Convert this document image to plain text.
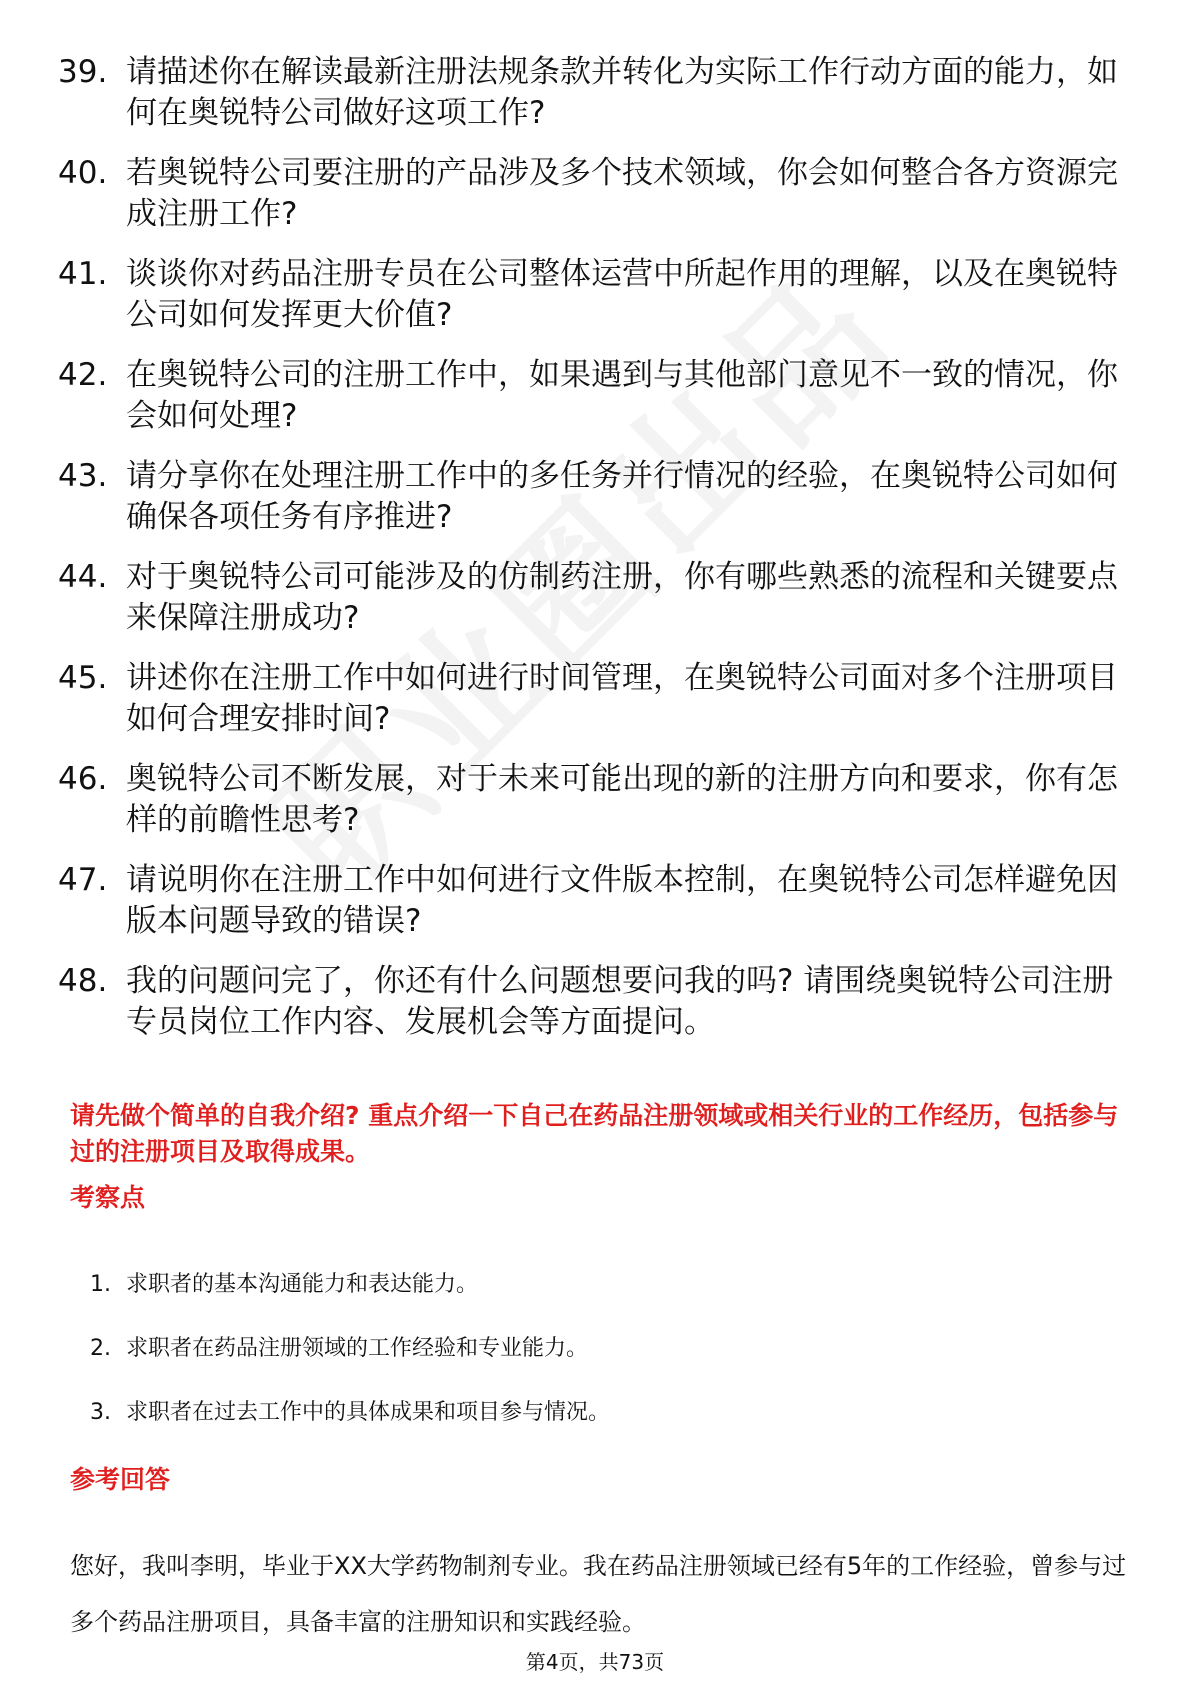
39. 请描述你在解读最新注册法规条款并转化为实际工作行动方面的能力，如何在奥锐特公司做好这项工作?
40. 若奥锐特公司要注册的产品涉及多个技术领域，你会如何整合各方资源完成注册工作?
41. 谈谈你对药品注册专员在公司整体运营中所起作用的理解，以及在奥锐特公司如何发挥更大价值?
42. 在奥锐特公司的注册工作中，如果遇到与其他部门意见不一致的情况，你会如何处理?
43. 请分享你在处理注册工作中的多任务并行情况的经验，在奥锐特公司如何确保各项任务有序推进?
44. 对于奥锐特公司可能涉及的仿制药注册，你有哪些熟悉的流程和关键要点来保障注册成功?
45. 讲述你在注册工作中如何进行时间管理，在奥锐特公司面对多个注册项目如何合理安排时间?
46. 奥锐特公司不断发展，对于未来可能出现的新的注册方向和要求，你有怎样的前瞻性思考?
47. 请说明你在注册工作中如何进行文件版本控制，在奥锐特公司怎样避免因版本问题导致的错误?
48. 我的问题问完了，你还有什么问题想要问我的吗? 请围绕奥锐特公司注册专员岗位工作内容、发展机会等方面提问。
请先做个简单的自我介绍? 重点介绍一下自己在药品注册领域或相关行业的工作经历，包括参与过的注册项目及取得成果。
考察点
1. 求职者的基本沟通能力和表达能力。
2. 求职者在药品注册领域的工作经验和专业能力。
3. 求职者在过去工作中的具体成果和项目参与情况。
参考回答
您好，我叫李明，毕业于XX大学药物制剂专业。我在药品注册领域已经有5年的工作经验，曾参与过多个药品注册项目，具备丰富的注册知识和实践经验。
第4页，共73页
